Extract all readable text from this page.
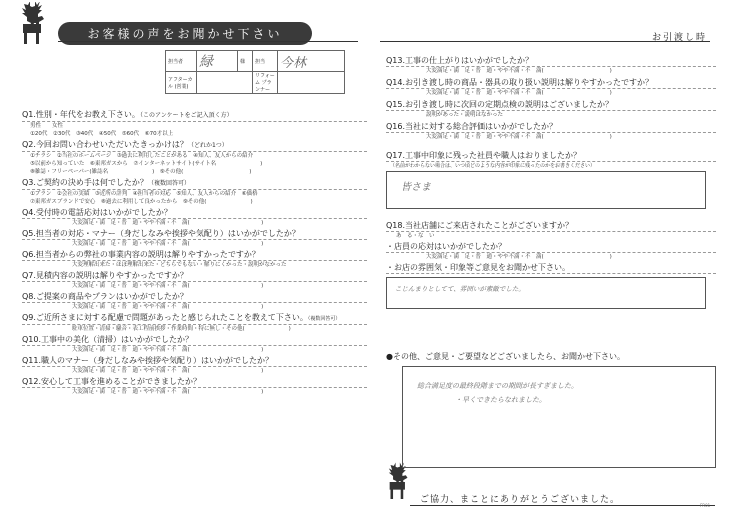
お客様の声をお聞かせ下さい	お引渡し時
担当者	緑	様	担当	今林
アフターカル (営業)			リフォーム プランナー	
Q1.性別・年代をお教え下さい。（このアンケートをご記入頂く方）
男性　　女性
①20代　②30代　③40代　④50代　⑤60代　⑥70才以上
Q2.今回お問い合わせいただいたきっかけは？（どれか1つ）
①チラシ　②当社のホームページ　③過去に利用したことがある　④知人、友人からの紹介
⑤以前から知っていた　⑥東邦ガスから　⑦インターネットサイト(サイト名　　　　　　　　)
⑧雑誌・フリーペーパー(雑誌名　　　　　　　　)　⑨その他(　　　　　　　　　　　　)
Q3.ご契約の決め手は何でしたか？（複数回答可）
①プラン　②会社の実績　③近所の評判　④担当者の対応　⑤知人、友人からの紹介　⑥価格
⑦東邦ガスブランドで安心　⑧過去に利用して良かったから　⑨その他(　　　　　　　　)
Q4.受付時の電話応対はいかがでしたか？
大変満足・満　足・普　通・やや不満・不　満(　　　　　　　　　　　　　)
Q5.担当者の対応・マナー（身だしなみや挨拶や気配り）はいかがでしたか？
大変満足・満　足・普　通・やや不満・不　満(　　　　　　　　　　　　　)
Q6.担当者からの弊社の事業内容の説明は解りやすかったですか？
大変理解出来た・ほぼ理解出来た・どちらでもない・解りにくかった・説明がなかった
Q7.見積内容の説明は解りやすかったですか？
大変満足・満　足・普　通・やや不満・不　満(　　　　　　　　　　　　　)
Q8.ご提案の商品やプランはいかがでしたか？
大変満足・満　足・普　通・やや不満・不　満(　　　　　　　　　　　　　)
Q9.ご近所さまに対する配慮で問題があったと感じられたことを教えて下さい。（複数回答可）
駐車位置・清掃・騒音・表工程前挨拶・作業時間・特に無し・その他(　　　　　　　　)
Q10.工事中の美化（清掃）はいかがでしたか？
大変満足・満　足・普　通・やや不満・不　満(　　　　　　　　　　　　　)
Q11.職人のマナー（身だしなみや挨拶や気配り）はいかがでしたか？
大変満足・満　足・普　通・やや不満・不　満(　　　　　　　　　　　　　)
Q12.安心して工事を進めることができましたか？
大変満足・満　足・普　通・やや不満・不　満(　　　　　　　　　　　　　)
Q13.工事の仕上がりはいかがでしたか？
大変満足・満　足・普　通・やや不満・不　満(　　　　　　　　　　　　)
Q14.お引き渡し時の商品・器具の取り扱い説明は解りやすかったですか？
大変満足・満　足・普　通・やや不満・不　満(　　　　　　　　　　　　)
Q15.お引き渡し時に次回の定期点検の説明はございましたか？
説明があった・説明はなかった
Q16.当社に対する総合評価はいかがでしたか？
大変満足・満　足・普　通・やや不満・不　満(　　　　　　　　　　　　)
Q17.工事中印象に残った社員や職人はおりましたか？
（名前がわからない場合は、いつ頃どのような内容が印象に残ったのかをお書きください）
皆さま
Q18.当社店舗にご来店されたことがございますか？
あ　る・な　い
・店員の応対はいかがでしたか？
大変満足・満　足・普　通・やや不満・不　満(　　　　　　　　　　　　)
・お店の雰囲気・印象等ご意見をお聞かせ下さい。
こじんまりとしてて、雰囲いが素敵でした。
●その他、ご意見・ご要望などございましたら、お聞かせ下さい。
総合満足度の最終段階までの期間が長すぎました。
・早くできたらなれました。
ご協力、まことにありがとうございました。
FR01
